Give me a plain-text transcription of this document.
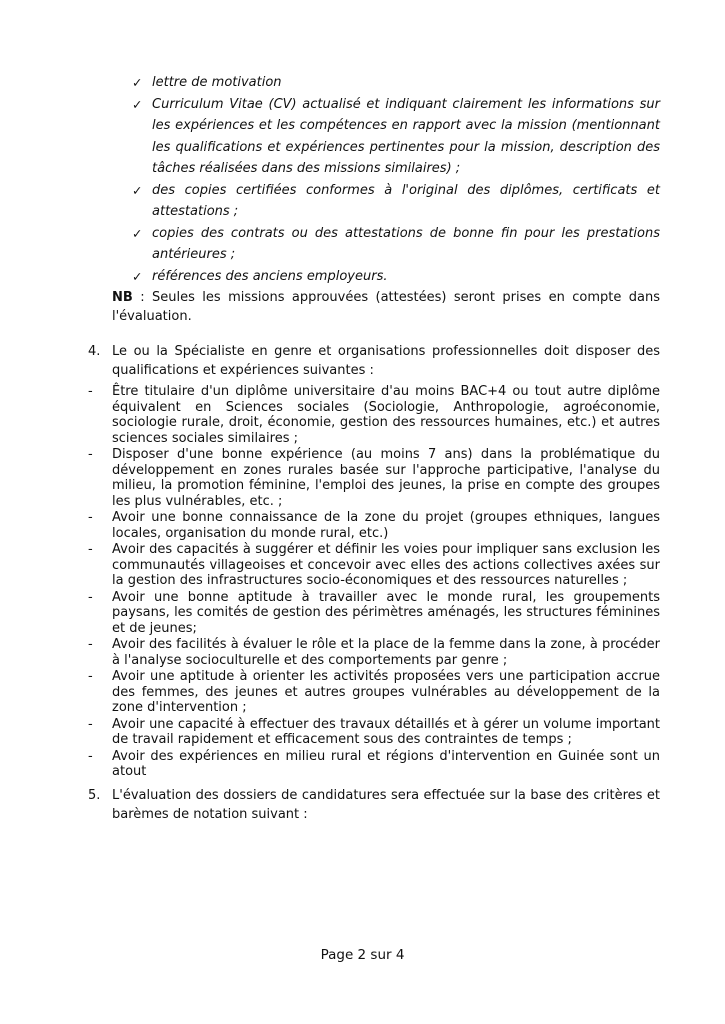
✓ lettre de motivation
✓ Curriculum Vitae (CV) actualisé et indiquant clairement les informations sur les expériences et les compétences en rapport avec la mission (mentionnant les qualifications et expériences pertinentes pour la mission, description des tâches réalisées dans des missions similaires) ;
✓ des copies certifiées conformes à l'original des diplômes, certificats et attestations ;
✓ copies des contrats ou des attestations de bonne fin pour les prestations antérieures ;
✓ références des anciens employeurs.

NB : Seules les missions approuvées (attestées) seront prises en compte dans l'évaluation.

4. Le ou la Spécialiste en genre et organisations professionnelles doit disposer des qualifications et expériences suivantes :

- Être titulaire d'un diplôme universitaire d'au moins BAC+4 ou tout autre diplôme équivalent en Sciences sociales (Sociologie, Anthropologie, agroéconomie, sociologie rurale, droit, économie, gestion des ressources humaines, etc.) et autres sciences sociales similaires ;
- Disposer d'une bonne expérience (au moins 7 ans) dans la problématique du développement en zones rurales basée sur l'approche participative, l'analyse du milieu, la promotion féminine, l'emploi des jeunes, la prise en compte des groupes les plus vulnérables, etc. ;
- Avoir une bonne connaissance de la zone du projet (groupes ethniques, langues locales, organisation du monde rural, etc.)
- Avoir des capacités à suggérer et définir les voies pour impliquer sans exclusion les communautés villageoises et concevoir avec elles des actions collectives axées sur la gestion des infrastructures socio-économiques et des ressources naturelles ;
- Avoir une bonne aptitude à travailler avec le monde rural, les groupements paysans, les comités de gestion des périmètres aménagés, les structures féminines et de jeunes;
- Avoir des facilités à évaluer le rôle et la place de la femme dans la zone, à procéder à l'analyse socioculturelle et des comportements par genre ;
- Avoir une aptitude à orienter les activités proposées vers une participation accrue des femmes, des jeunes et autres groupes vulnérables au développement de la zone d'intervention ;
- Avoir une capacité à effectuer des travaux détaillés et à gérer un volume important de travail rapidement et efficacement sous des contraintes de temps ;
- Avoir des expériences en milieu rural et régions d'intervention en Guinée sont un atout

5. L'évaluation des dossiers de candidatures sera effectuée sur la base des critères et barèmes de notation suivant :

Page 2 sur 4
